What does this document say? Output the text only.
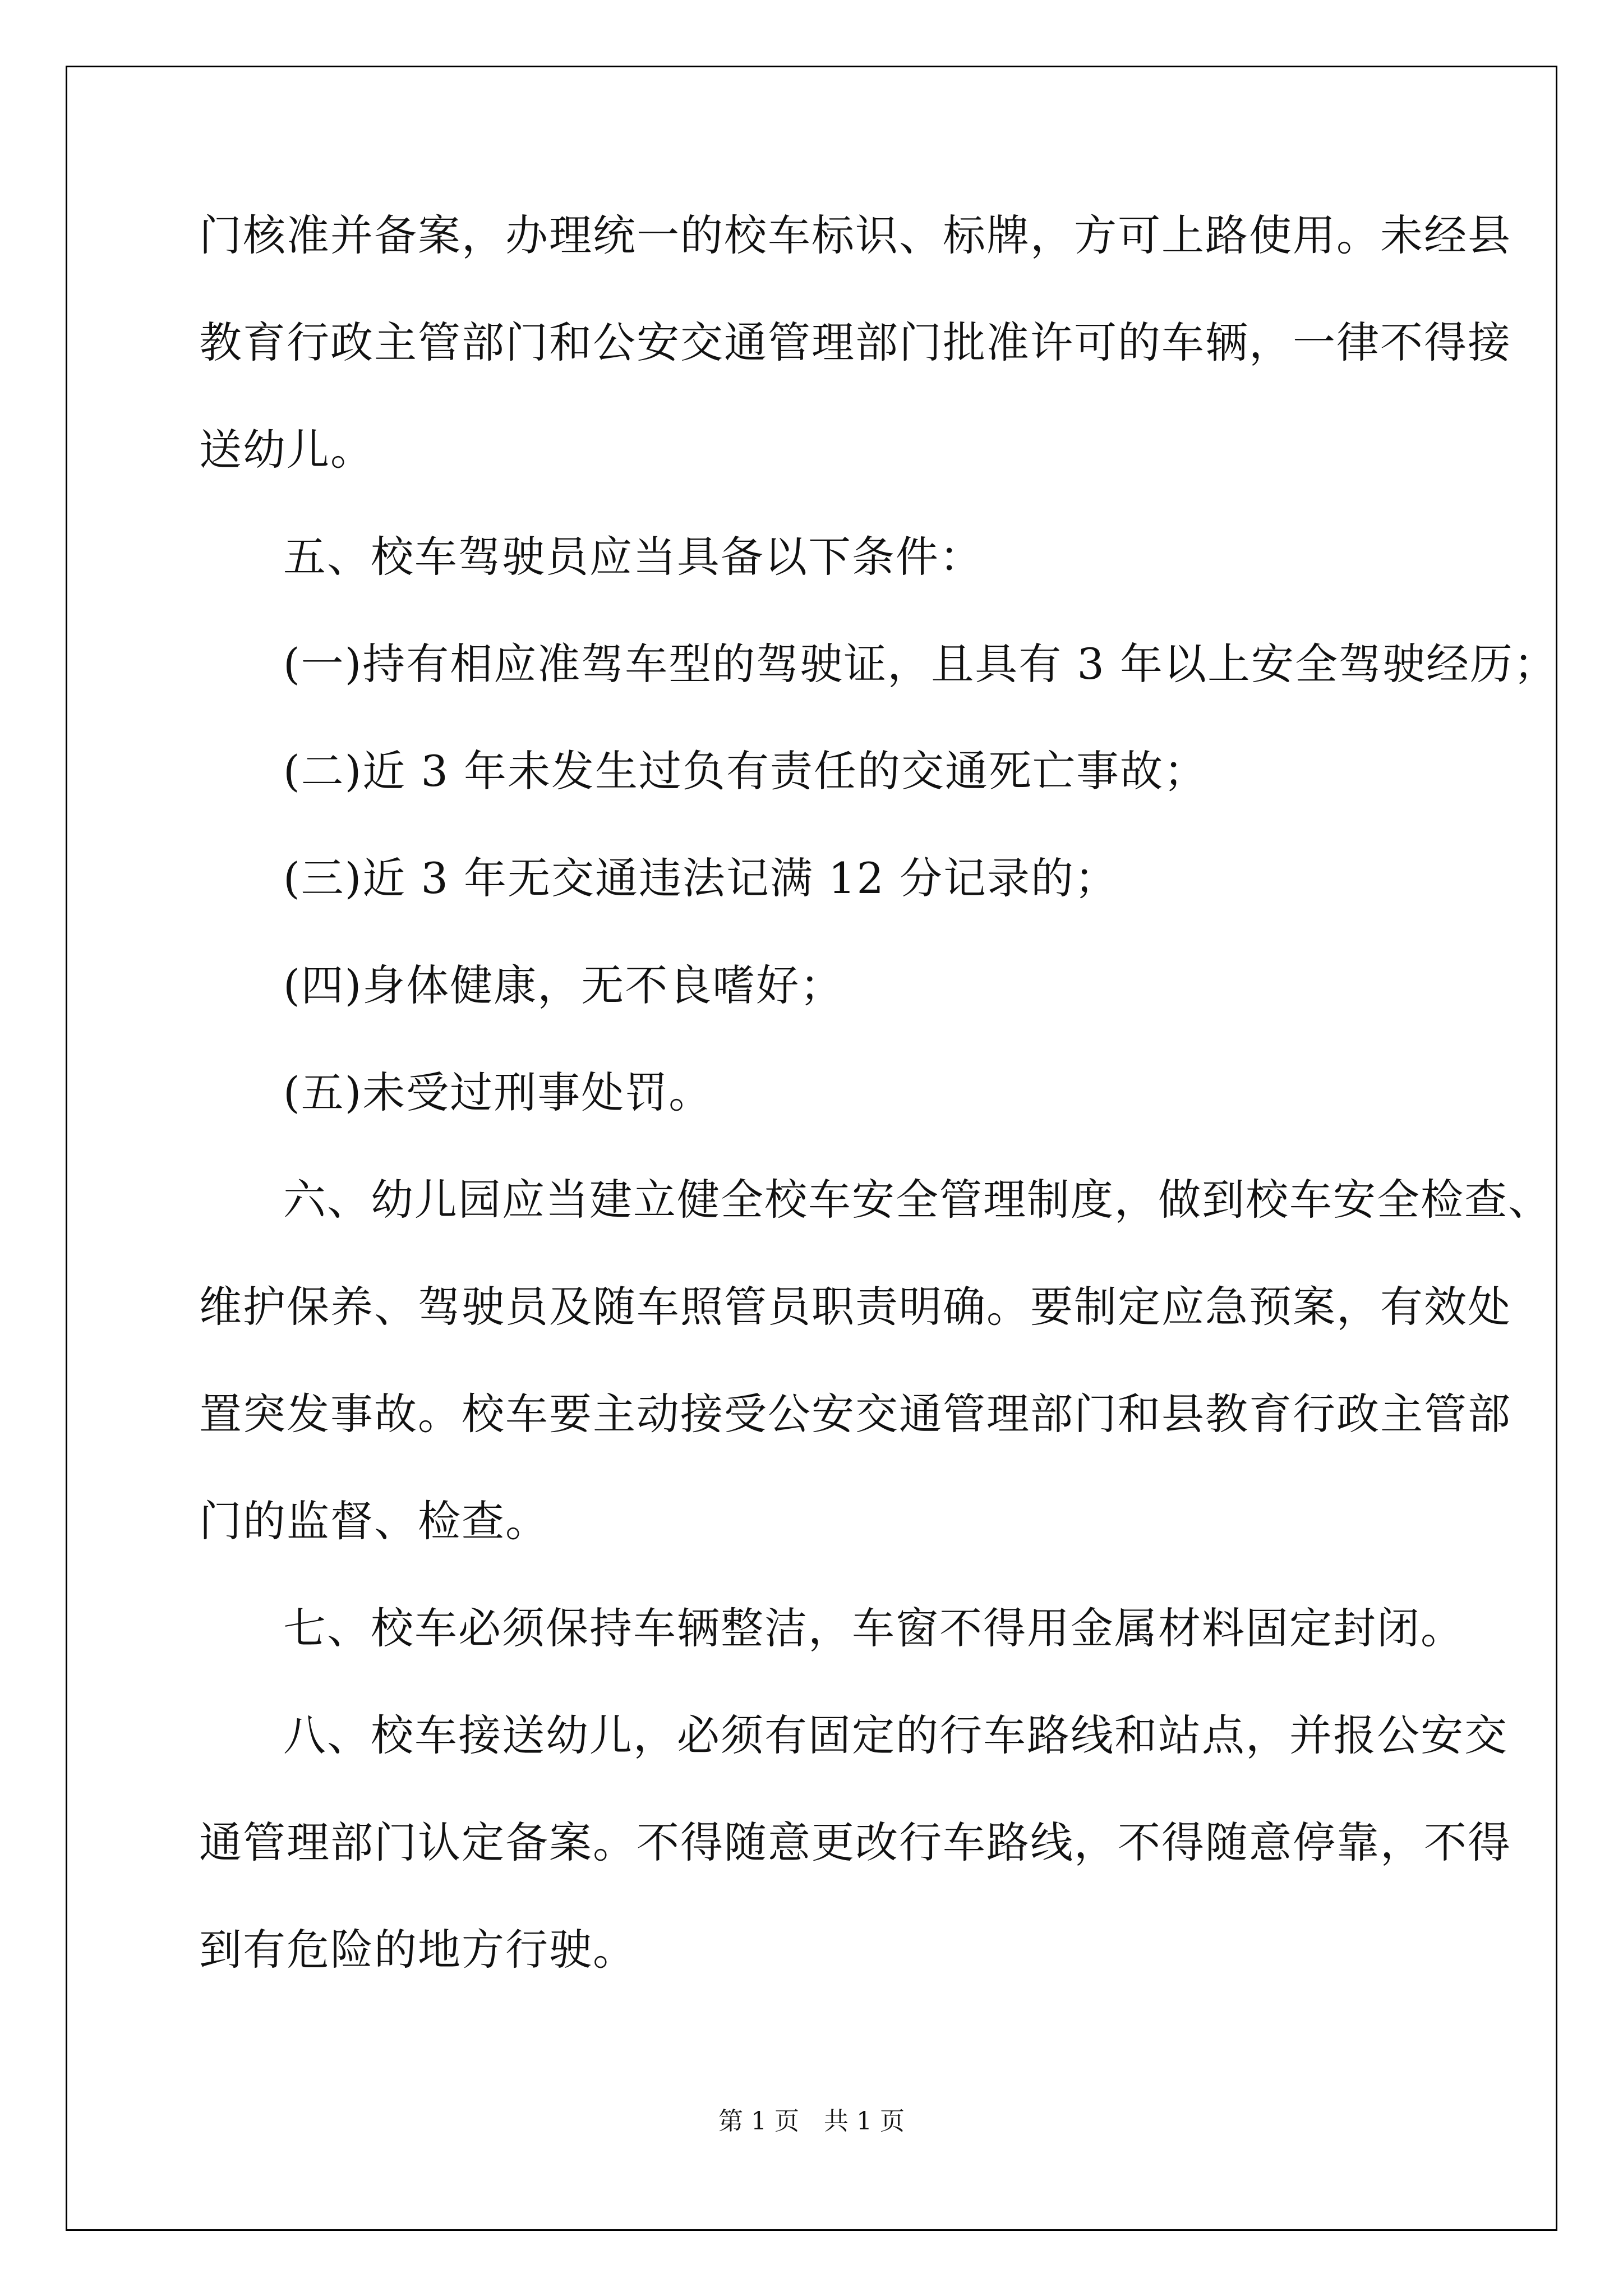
门核准并备案，办理统一的校车标识、标牌，方可上路使用。未经县
教育行政主管部门和公安交通管理部门批准许可的车辆，一律不得接
送幼儿。
五、校车驾驶员应当具备以下条件：
(一)持有相应准驾车型的驾驶证，且具有 3 年以上安全驾驶经历；
(二)近 3 年未发生过负有责任的交通死亡事故；
(三)近 3 年无交通违法记满 12 分记录的；
(四)身体健康，无不良嗜好；
(五)未受过刑事处罚。
六、幼儿园应当建立健全校车安全管理制度，做到校车安全检查、
维护保养、驾驶员及随车照管员职责明确。要制定应急预案，有效处
置突发事故。校车要主动接受公安交通管理部门和县教育行政主管部
门的监督、检查。
七、校车必须保持车辆整洁，车窗不得用金属材料固定封闭。
八、校车接送幼儿，必须有固定的行车路线和站点，并报公安交
通管理部门认定备案。不得随意更改行车路线，不得随意停靠，不得
到有危险的地方行驶。
第 1 页　共 1 页
